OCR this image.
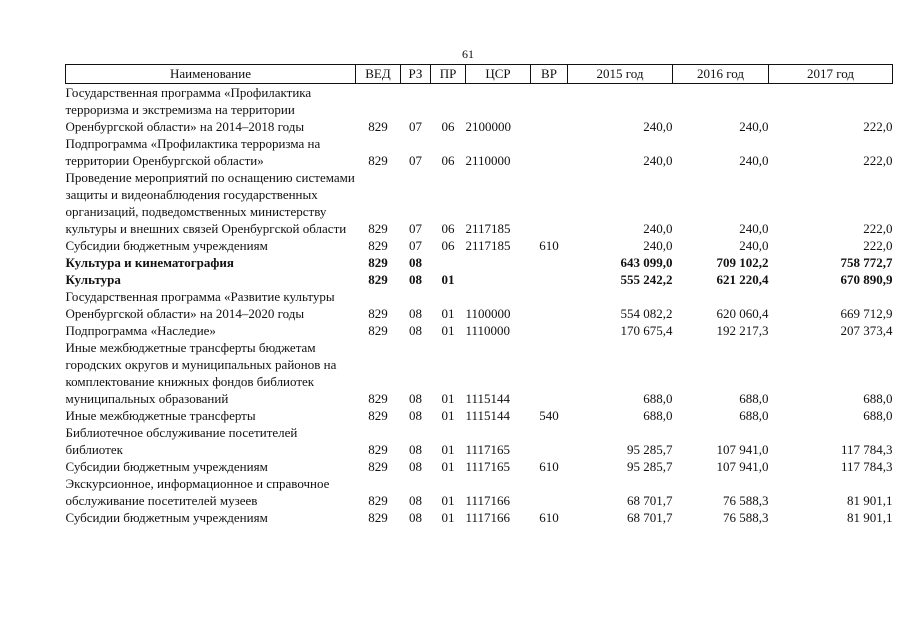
61
Наименование	ВЕД	РЗ	ПР	ЦСР	ВР	2015 год	2016 год	2017 год
Государственная программа «Профилактика терроризма и экстремизма на территории Оренбургской области» на 2014–2018 годы	829	07	06	2100000		240,0	240,0	222,0
Подпрограмма «Профилактика терроризма на территории Оренбургской области»	829	07	06	2110000		240,0	240,0	222,0
Проведение мероприятий по оснащению системами защиты и видеонаблюдения государственных организаций, подведомственных министерству культуры и внешних связей Оренбургской области	829	07	06	2117185		240,0	240,0	222,0
Субсидии бюджетным учреждениям	829	07	06	2117185	610	240,0	240,0	222,0
Культура и кинематография	829	08				643 099,0	709 102,2	758 772,7
Культура	829	08	01			555 242,2	621 220,4	670 890,9
Государственная программа «Развитие культуры Оренбургской области» на 2014–2020 годы	829	08	01	1100000		554 082,2	620 060,4	669 712,9
Подпрограмма «Наследие»	829	08	01	1110000		170 675,4	192 217,3	207 373,4
Иные межбюджетные трансферты бюджетам городских округов и муниципальных районов на комплектование книжных фондов библиотек муниципальных образований	829	08	01	1115144		688,0	688,0	688,0
Иные межбюджетные трансферты	829	08	01	1115144	540	688,0	688,0	688,0
Библиотечное обслуживание посетителей библиотек	829	08	01	1117165		95 285,7	107 941,0	117 784,3
Субсидии бюджетным учреждениям	829	08	01	1117165	610	95 285,7	107 941,0	117 784,3
Экскурсионное, информационное и справочное обслуживание посетителей музеев	829	08	01	1117166		68 701,7	76 588,3	81 901,1
Субсидии бюджетным учреждениям	829	08	01	1117166	610	68 701,7	76 588,3	81 901,1
